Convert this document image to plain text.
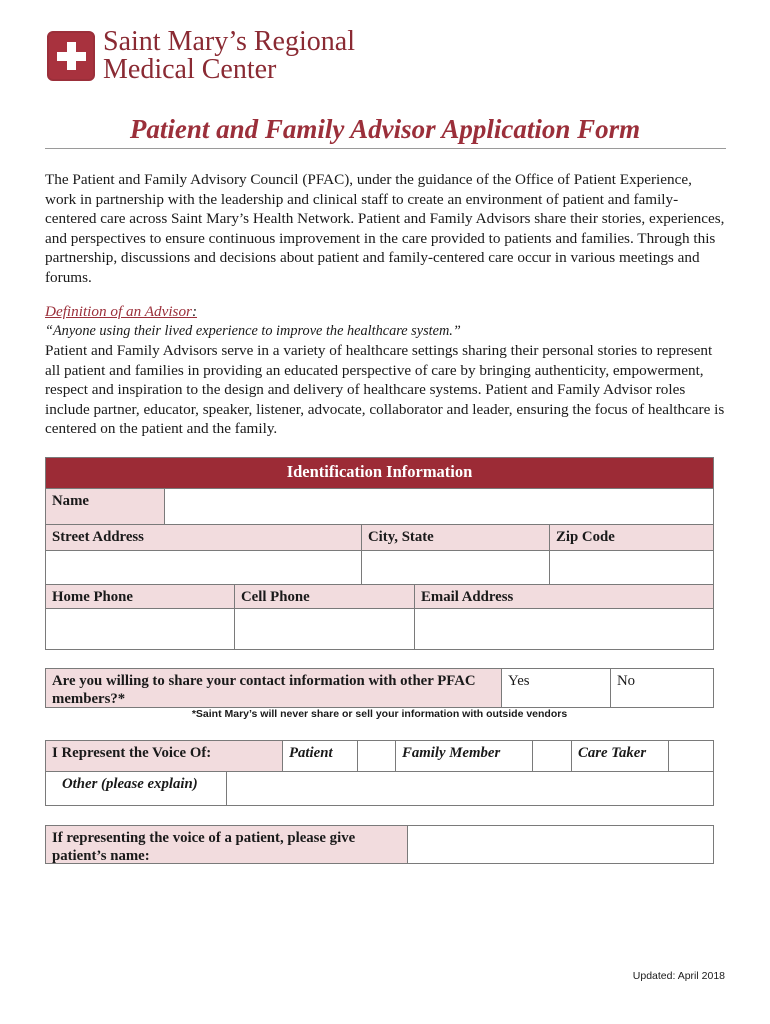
Saint Mary’s Regional
Medical Center
Patient and Family Advisor Application Form
The Patient and Family Advisory Council (PFAC), under the guidance of the Office of Patient Experience, work in partnership with the leadership and clinical staff to create an environment of patient and family-centered care across Saint Mary’s Health Network. Patient and Family Advisors share their stories, experiences, and perspectives to ensure continuous improvement in the care provided to patients and families. Through this partnership, discussions and decisions about patient and family-centered care occur in various meetings and forums.
Definition of an Advisor:
“Anyone using their lived experience to improve the healthcare system.”
Patient and Family Advisors serve in a variety of healthcare settings sharing their personal stories to represent all patient and families in providing an educated perspective of care by bringing authenticity, empowerment, respect and inspiration to the design and delivery of healthcare systems. Patient and Family Advisor roles include partner, educator, speaker, listener, advocate, collaborator and leader, ensuring the focus of healthcare is centered on the patient and the family.
Identification Information
Name
Street Address	City, State	Zip Code
Home Phone	Cell Phone	Email Address
Are you willing to share your contact information with other PFAC members?*
Yes	No
*Saint Mary’s will never share or sell your information with outside vendors
I Represent the Voice Of:	Patient	Family Member	Care Taker
Other (please explain)
If representing the voice of a patient, please give patient’s name:
Updated: April 2018
